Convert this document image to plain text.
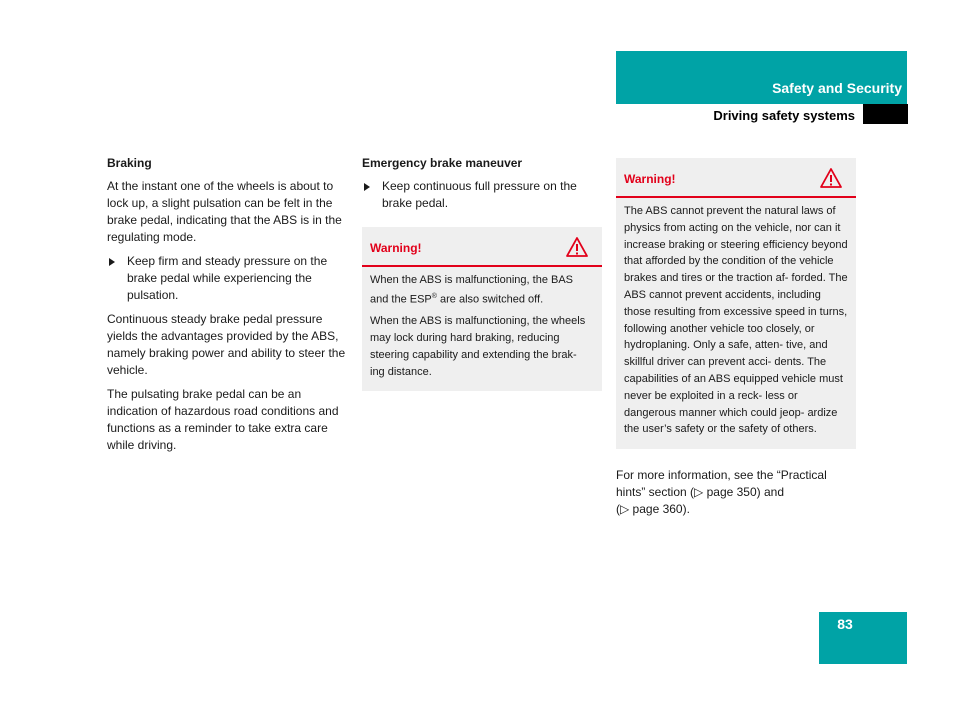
Safety and Security
Driving safety systems
Braking

At the instant one of the wheels is about to lock up, a slight pulsation can be felt in the brake pedal, indicating that the ABS is in the regulating mode.

Keep firm and steady pressure on the brake pedal while experiencing the pulsation.

Continuous steady brake pedal pressure yields the advantages provided by the ABS, namely braking power and ability to steer the vehicle.

The pulsating brake pedal can be an indication of hazardous road conditions and functions as a reminder to take extra care while driving.

Emergency brake maneuver
Keep continuous full pressure on the brake pedal.
Warning!

When the ABS is malfunctioning, the BAS and the ESP® are also switched off.

When the ABS is malfunctioning, the wheels may lock during hard braking, reducing steering capability and extending the brak- ing distance.

Warning!

The ABS cannot prevent the natural laws of physics from acting on the vehicle, nor can it increase braking or steering efficiency beyond that afforded by the condition of the vehicle brakes and tires or the traction af- forded. The ABS cannot prevent accidents, including those resulting from excessive speed in turns, following another vehicle too closely, or hydroplaning. Only a safe, atten- tive, and skillful driver can prevent acci- dents. The capabilities of an ABS equipped vehicle must never be exploited in a reck- less or dangerous manner which could jeop- ardize the user’s safety or the safety of others.

For more information, see the “Practical
hints” section (▷ page 350) and
(▷ page 360).
83
